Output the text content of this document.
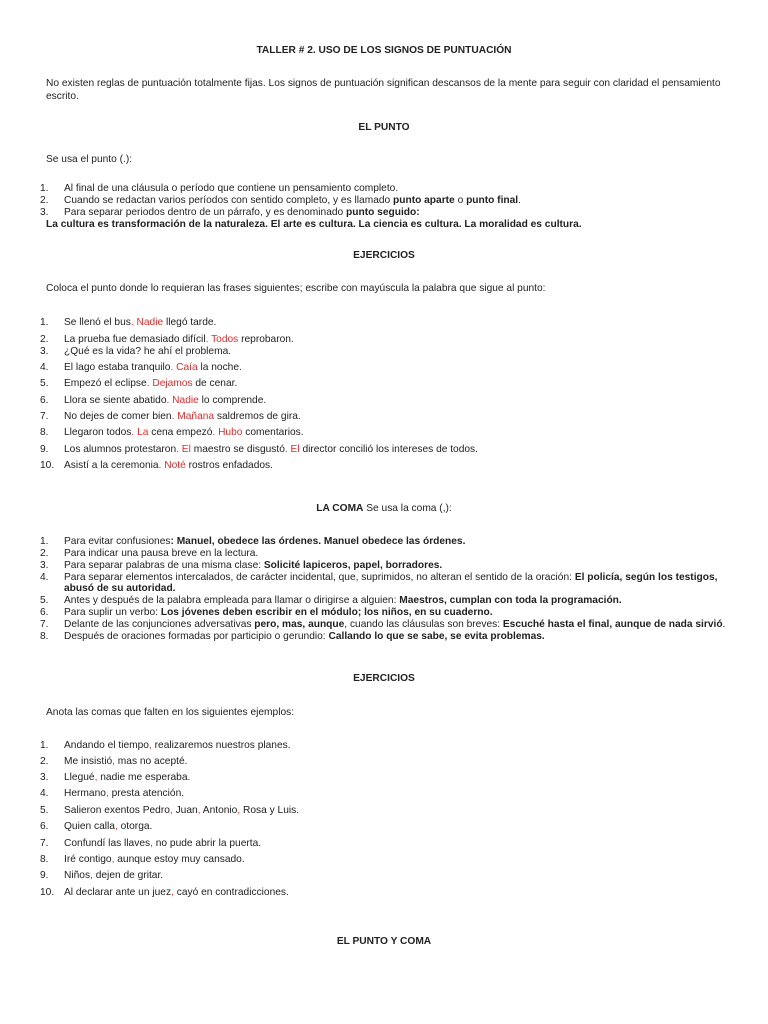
TALLER # 2. USO DE LOS SIGNOS DE PUNTUACIÓN
No existen reglas de puntuación totalmente fijas. Los signos de puntuación significan descansos de la mente para seguir con claridad el pensamiento escrito.
EL PUNTO
Se usa el punto (.):
1. Al final de una cláusula o período que contiene un pensamiento completo.
2. Cuando se redactan varios períodos con sentido completo, y es llamado punto aparte o punto final.
3. Para separar periodos dentro de un párrafo, y es denominado punto seguido:
La cultura es transformación de la naturaleza. El arte es cultura. La ciencia es cultura. La moralidad es cultura.
EJERCICIOS
Coloca el punto donde lo requieran las frases siguientes; escribe con mayúscula la palabra que sigue al punto:
1. Se llenó el bus. Nadie llegó tarde.
2. La prueba fue demasiado difícil. Todos reprobaron.
3. ¿Qué es la vida? he ahí el problema.
4. El lago estaba tranquilo. Caía la noche.
5. Empezó el eclipse. Dejamos de cenar.
6. Llora se siente abatido. Nadie lo comprende.
7. No dejes de comer bien. Mañana saldremos de gira.
8. Llegaron todos. La cena empezó. Hubo comentarios.
9. Los alumnos protestaron. El maestro se disgustó. El director concilió los intereses de todos.
10. Asistí a la ceremonia. Noté rostros enfadados.
LA COMA Se usa la coma (,):
1. Para evitar confusiones: Manuel, obedece las órdenes. Manuel obedece las órdenes.
2. Para indicar una pausa breve en la lectura.
3. Para separar palabras de una misma clase: Solicité lapiceros, papel, borradores.
4. Para separar elementos intercalados, de carácter incidental, que, suprimidos, no alteran el sentido de la oración: El policía, según los testigos,
5. Antes y después de la palabra empleada para llamar o dirigirse a alguien: Maestros, cumplan con toda la programación.
6. Para suplir un verbo: Los jóvenes deben escribir en el módulo; los niños, en su cuaderno.
7. Delante de las conjunciones adversativas pero, mas, aunque, cuando las cláusulas son breves: Escuché hasta el final, aunque de nada sirvió.
8. Después de oraciones formadas por participio o gerundio: Callando lo que se sabe, se evita problemas.
abusó de su autoridad.
EJERCICIOS
Anota las comas que falten en los siguientes ejemplos:
1. Andando el tiempo, realizaremos nuestros planes.
2. Me insistió, mas no acepté.
3. Llegué, nadie me esperaba.
4. Hermano, presta atención.
5. Salieron exentos Pedro, Juan, Antonio, Rosa y Luis.
6. Quien calla, otorga.
7. Confundí las llaves, no pude abrir la puerta.
8. Iré contigo, aunque estoy muy cansado.
9. Niños, dejen de gritar.
10. Al declarar ante un juez, cayó en contradicciones.
EL PUNTO Y COMA
